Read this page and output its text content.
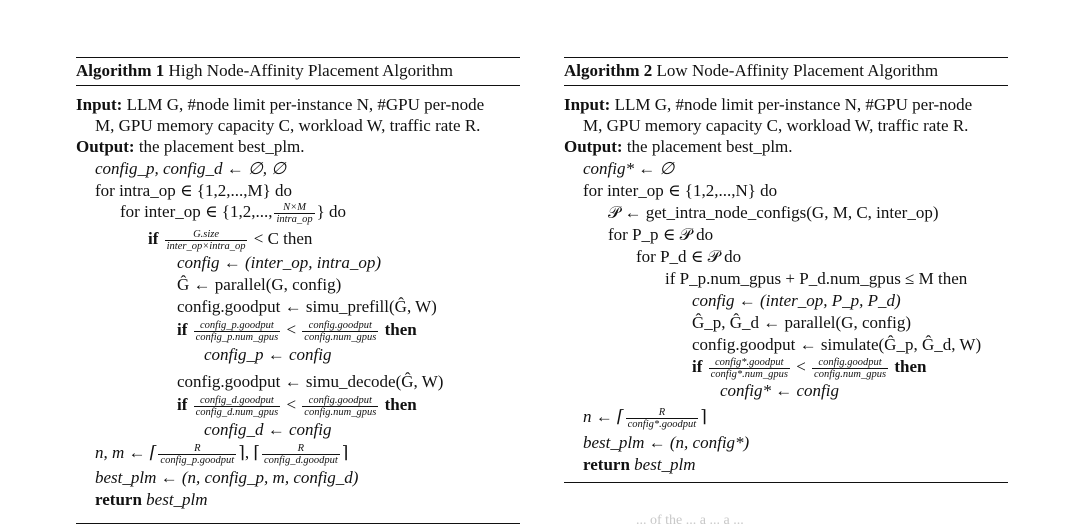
Algorithm 1 High Node-Affinity Placement Algorithm
Input: LLM G, #node limit per-instance N, #GPU per-node
M, GPU memory capacity C, workload W, traffic rate R.
Output: the placement best_plm.
config_p, config_d ← ∅, ∅
for intra_op ∈ {1,2,...,M} do
for inter_op ∈ {1,2,..., $\frac{N\times M}{\text{intra\_op}}$ } do
if $\frac{\text{G.size}}{\text{inter\_op×intra\_op}} < C$ then
config ← (inter_op, intra_op)
Ĝ ← parallel(G, config)
config.goodput ← simu_prefill(Ĝ, W)
if $\frac{\text{config\_p.goodput}}{\text{config\_p.num\_gpus}} < \frac{\text{config.goodput}}{\text{config.num\_gpus}}$ then
config_p ← config
config.goodput ← simu_decode(Ĝ, W)
if $\frac{\text{config\_d.goodput}}{\text{config\_d.num\_gpus}} < \frac{\text{config.goodput}}{\text{config.num\_gpus}}$ then
config_d ← config
n, m ← ⌈ $\frac{R}{\text{config\_p.goodput}}$ ⌉, ⌈ $\frac{R}{\text{config\_d.goodput}}$ ⌉
best_plm ← (n, config_p, m, config_d)
return best_plm
Algorithm 2 Low Node-Affinity Placement Algorithm
Input: LLM G, #node limit per-instance N, #GPU per-node
M, GPU memory capacity C, workload W, traffic rate R.
Output: the placement best_plm.
config* ← ∅
for inter_op ∈ {1,2,...,N} do
𝒫 ← get_intra_node_configs(G, M, C, inter_op)
for P_p ∈ 𝒫 do
for P_d ∈ 𝒫 do
if P_p.num_gpus + P_d.num_gpus ≤ M then
config ← (inter_op, P_p, P_d)
Ĝ_p, Ĝ_d ← parallel(G, config)
config.goodput ← simulate(Ĝ_p, Ĝ_d, W)
if $\frac{\text{config*.goodput}}{\text{config*.num\_gpus}} < \frac{\text{config.goodput}}{\text{config.num\_gpus}}$ then
config* ← config
n ← ⌈ $\frac{R}{\text{config*.goodput}}$ ⌉
best_plm ← (n, config*)
return best_plm
... of the ... a ... a ...
